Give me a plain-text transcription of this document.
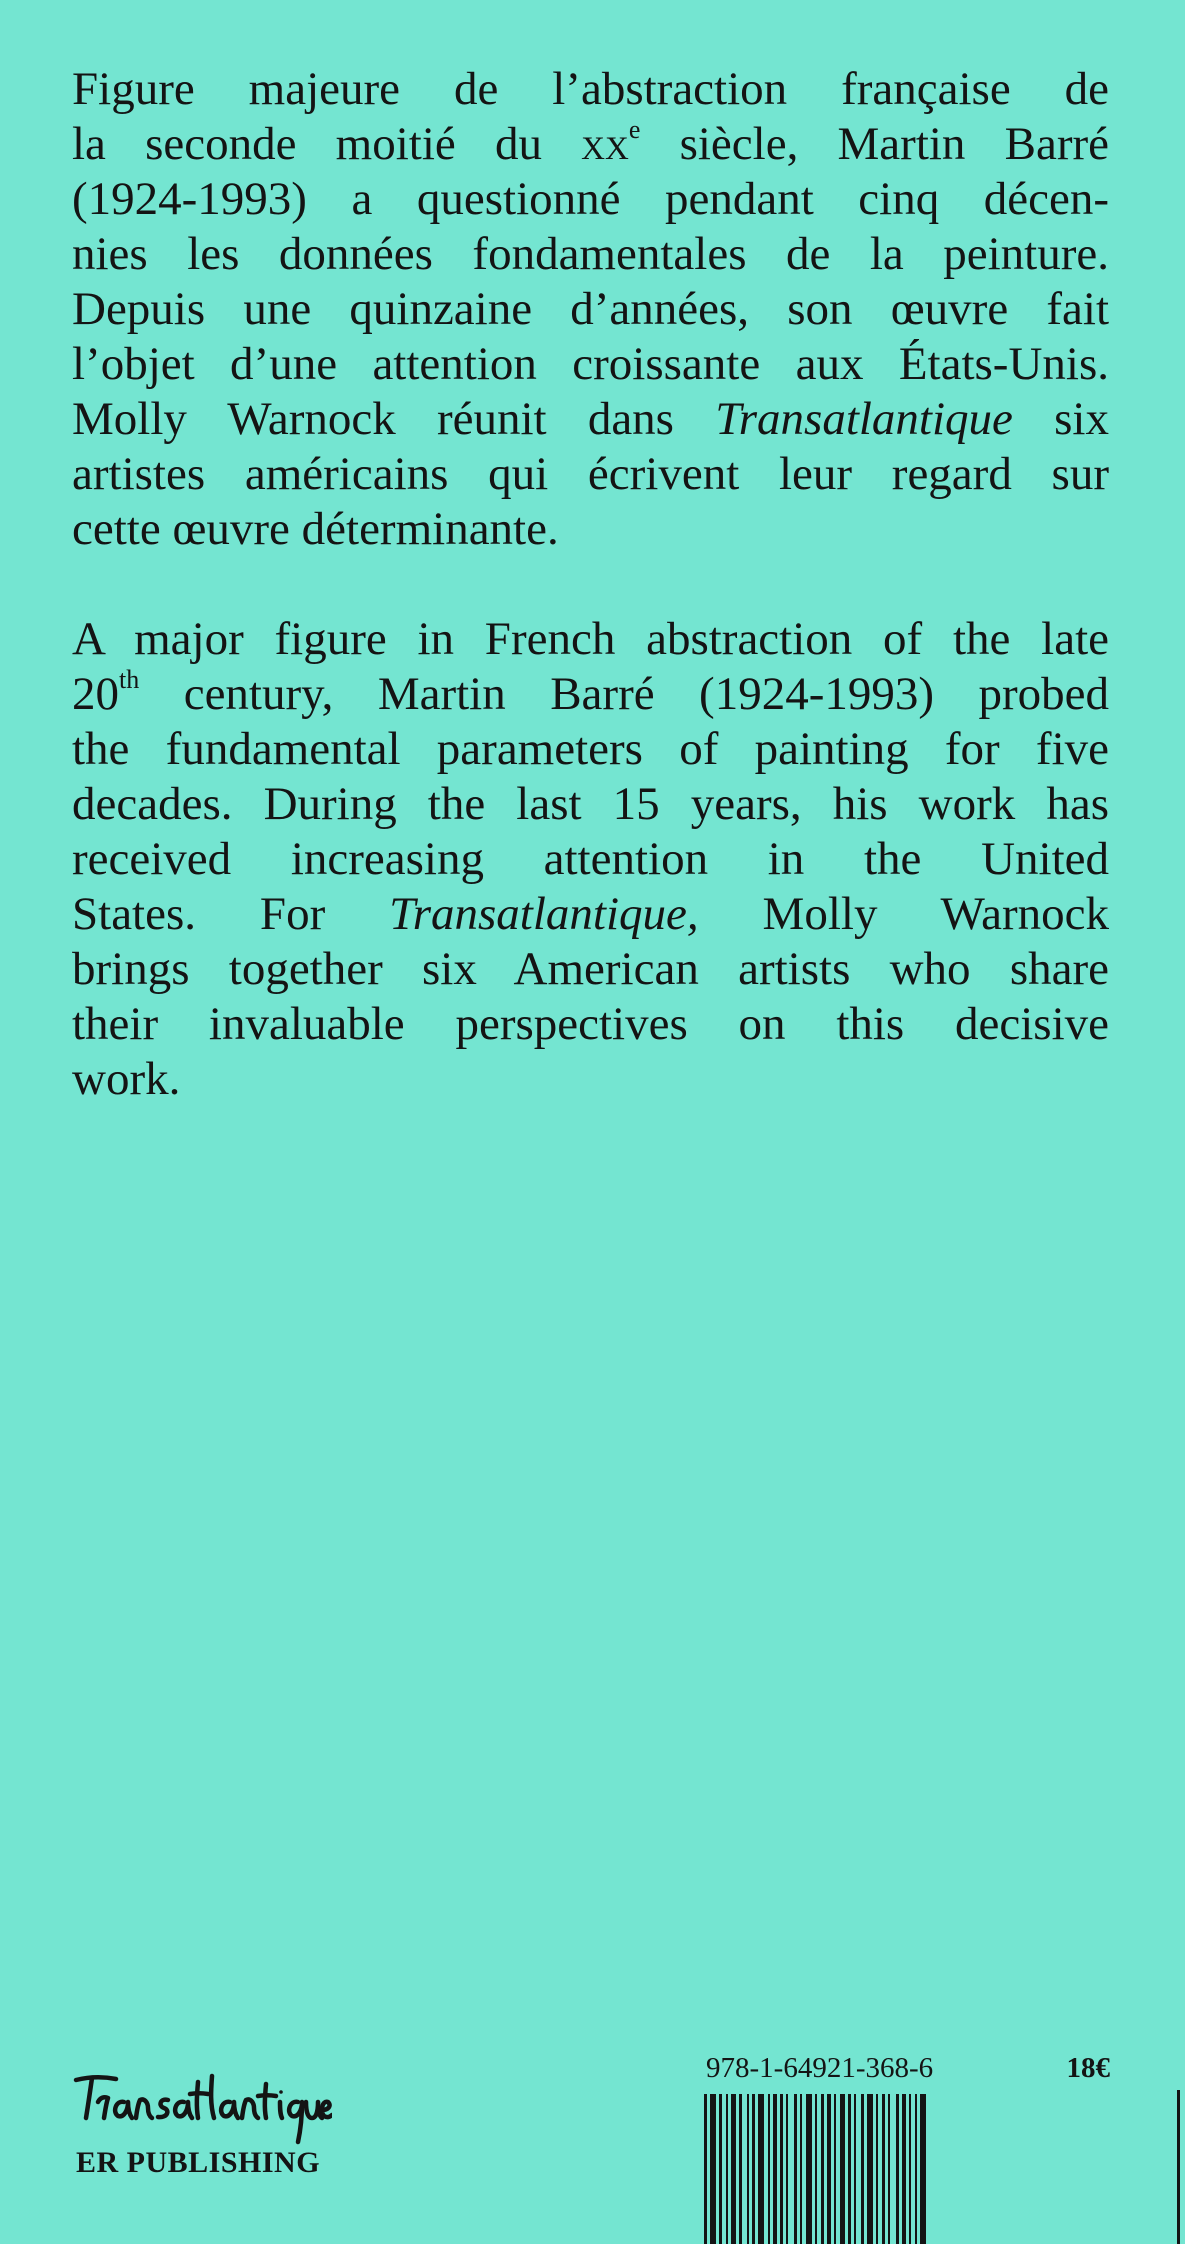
Figure majeure de l’abstraction française de
la seconde moitié du $xx^e$ siècle, Martin Barré
(1924-1993) a questionné pendant cinq décen-
nies les données fondamentales de la peinture.
Depuis une quinzaine d’années, son œuvre fait
l’objet d’une attention croissante aux États-Unis.
Molly Warnock réunit dans Transatlantique six
artistes américains qui écrivent leur regard sur
cette œuvre déterminante.
A major figure in French abstraction of the late
20th century, Martin Barré (1924-1993) probed
the fundamental parameters of painting for five
decades. During the last 15 years, his work has
received increasing attention in the United
States. For Transatlantique, Molly Warnock
brings together six American artists who share
their invaluable perspectives on this decisive
work.
ER PUBLISHING
978-1-64921-368-6	18€
